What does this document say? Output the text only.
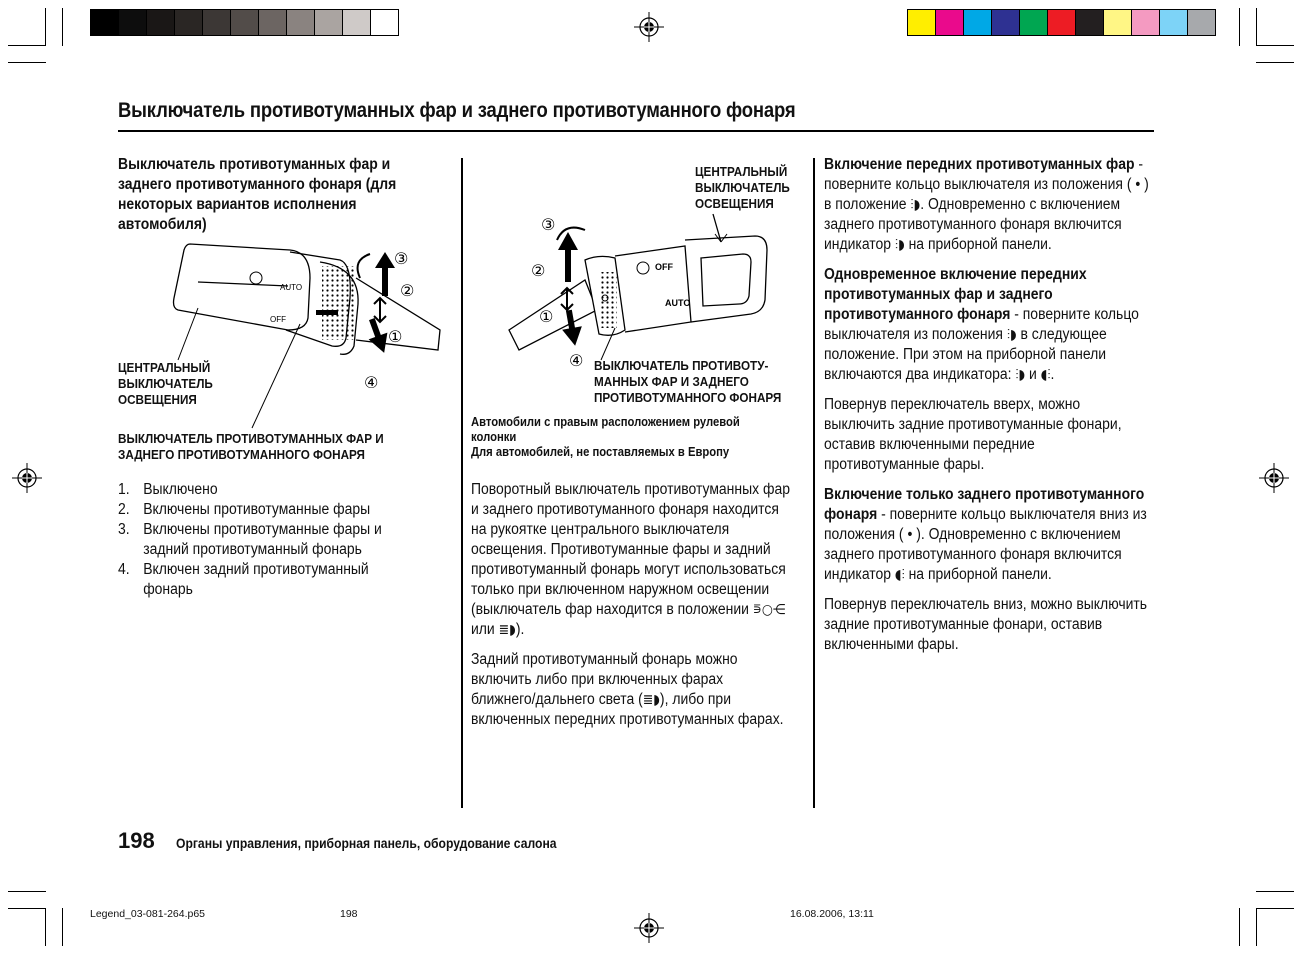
Выключатель противотуманных фар и заднего противотуманного фонаря
Выключатель противотуманных фар и заднего противотуманного фонаря (для некоторых вариантов исполнения автомобиля)
AUTO
OFF
③
②
①
④
ЦЕНТРАЛЬНЫЙ
ВЫКЛЮЧАТЕЛЬ
ОСВЕЩЕНИЯ
ВЫКЛЮЧАТЕЛЬ ПРОТИВОТУМАННЫХ ФАР И ЗАДНЕГО ПРОТИВОТУМАННОГО ФОНАРЯ
1. Выключено
2. Включены противотуманные фары
3. Включены противотуманные фары и задний противотуманный фонарь
4. Включен задний противотуманный фонарь
ЦЕНТРАЛЬНЫЙ
ВЫКЛЮЧАТЕЛЬ
ОСВЕЩЕНИЯ
OFF
AUTO
③
②
①
④ ВЫКЛЮЧАТЕЛЬ ПРОТИВОТУ-
МАННЫХ ФАР И ЗАДНЕГО
ПРОТИВОТУМАННОГО ФОНАРЯ
Автомобили с правым расположением рулевой колонки
Для автомобилей, не поставляемых в Европу

Поворотный выключатель противотуманных фар и заднего противотуманного фонаря находится на рукоятке центрального выключателя освещения. Противотуманные фары и задний противотуманный фонарь могут использоваться только при включенном наружном освещении (выключатель фар находится в положении ⋾○⋲ или ≣◗).

Задний противотуманный фонарь можно включить либо при включенных фарах ближнего/дальнего света (≣◗), либо при включенных передних противотуманных фарах.

Включение передних противотуманных фар - поверните кольцо выключателя из положения ( • ) в положение ⫶◗. Одновременно с включением заднего противотуманного фонаря включится индикатор ⫶◗ на приборной панели.

Одновременное включение передних противотуманных фар и заднего противотуманного фонаря - поверните кольцо выключателя из положения ⫶◗ в следующее положение. При этом на приборной панели включаются два индикатора: ⫶◗ и ◖⫶.

Повернув переключатель вверх, можно выключить задние противотуманные фонари, оставив включенными передние противотуманные фары.

Включение только заднего противотуманного фонаря - поверните кольцо выключателя вниз из положения ( • ). Одновременно с включением заднего противотуманного фонаря включится индикатор ◖⫶ на приборной панели.

Повернув переключатель вниз, можно выключить задние противотуманные фонари, оставив включенными фары.

198 Органы управления, приборная панель, оборудование салона
Legend_03-081-264.p65	198	16.08.2006, 13:11
